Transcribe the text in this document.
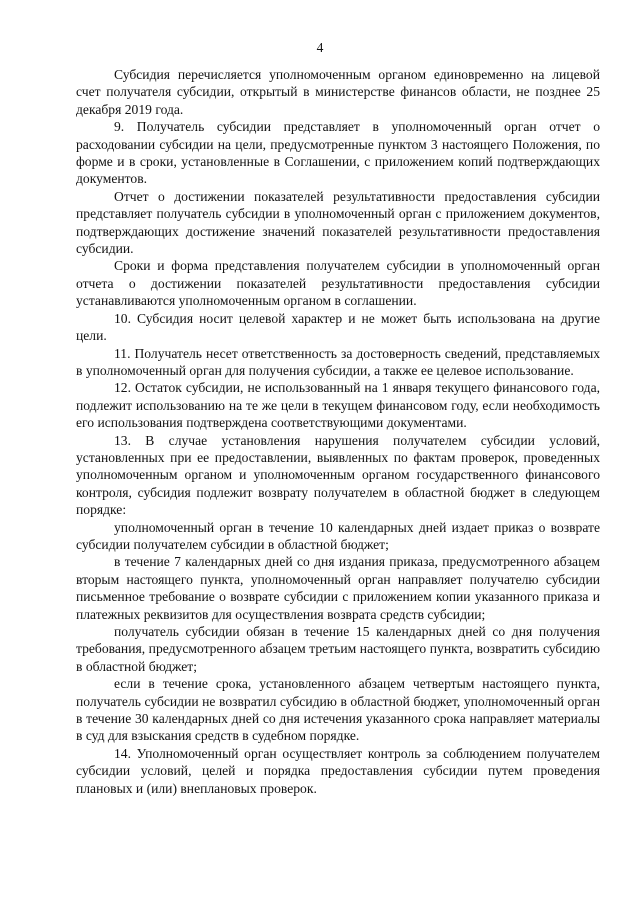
4

Субсидия перечисляется уполномоченным органом единовременно на лицевой счет получателя субсидии, открытый в министерстве финансов области, не позднее 25 декабря 2019 года.

9. Получатель субсидии представляет в уполномоченный орган отчет о расходовании субсидии на цели, предусмотренные пунктом 3 настоящего Положения, по форме и в сроки, установленные в Соглашении, с приложением копий подтверждающих документов.

Отчет о достижении показателей результативности предоставления субсидии представляет получатель субсидии в уполномоченный орган с приложением документов, подтверждающих достижение значений показателей результативности предоставления субсидии.

Сроки и форма представления получателем субсидии в уполномоченный орган отчета о достижении показателей результативности предоставления субсидии устанавливаются уполномоченным органом в соглашении.

10. Субсидия носит целевой характер и не может быть использована на другие цели.

11. Получатель несет ответственность за достоверность сведений, представляемых в уполномоченный орган для получения субсидии, а также ее целевое использование.

12. Остаток субсидии, не использованный на 1 января текущего финансового года, подлежит использованию на те же цели в текущем финансовом году, если необходимость его использования подтверждена соответствующими документами.

13. В случае установления нарушения получателем субсидии условий, установленных при ее предоставлении, выявленных по фактам проверок, проведенных уполномоченным органом и уполномоченным органом государственного финансового контроля, субсидия подлежит возврату получателем в областной бюджет в следующем порядке:

уполномоченный орган в течение 10 календарных дней издает приказ о возврате субсидии получателем субсидии в областной бюджет;

в течение 7 календарных дней со дня издания приказа, предусмотренного абзацем вторым настоящего пункта, уполномоченный орган направляет получателю субсидии письменное требование о возврате субсидии с приложением копии указанного приказа и платежных реквизитов для осуществления возврата средств субсидии;

получатель субсидии обязан в течение 15 календарных дней со дня получения требования, предусмотренного абзацем третьим настоящего пункта, возвратить субсидию в областной бюджет;

если в течение срока, установленного абзацем четвертым настоящего пункта, получатель субсидии не возвратил субсидию в областной бюджет, уполномоченный орган в течение 30 календарных дней со дня истечения указанного срока направляет материалы в суд для взыскания средств в судебном порядке.

14. Уполномоченный орган осуществляет контроль за соблюдением получателем субсидии условий, целей и порядка предоставления субсидии путем проведения плановых и (или) внеплановых проверок.
